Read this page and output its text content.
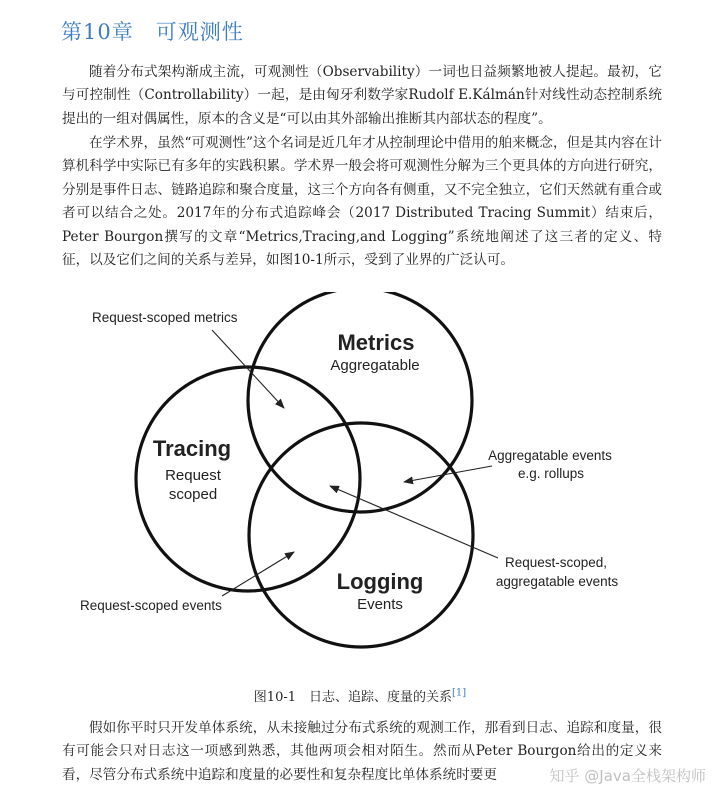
第10章　可观测性

随着分布式架构渐成主流，可观测性（Observability）一词也日益频繁地被人提起。最初，它与可控制性（Controllability）一起，是由匈牙利数学家Rudolf E.Kálmán针对线性动态控制系统提出的一组对偶属性，原本的含义是“可以由其外部输出推断其内部状态的程度”。

在学术界，虽然“可观测性”这个名词是近几年才从控制理论中借用的舶来概念，但是其内容在计算机科学中实际已有多年的实践积累。学术界一般会将可观测性分解为三个更具体的方向进行研究，分别是事件日志、链路追踪和聚合度量，这三个方向各有侧重，又不完全独立，它们天然就有重合或者可以结合之处。2017年的分布式追踪峰会（2017 Distributed Tracing Summit）结束后，Peter Bourgon撰写的文章“Metrics,Tracing,and Logging”系统地阐述了这三者的定义、特征，以及它们之间的关系与差异，如图10-1所示，受到了业界的广泛认可。

Metrics
Aggregatable
Tracing
Request
scoped
Logging
Events
Request-scoped metrics
Aggregatable events
e.g. rollups
Request-scoped,
aggregatable events
Request-scoped events
图10-1　日志、追踪、度量的关系[1]

假如你平时只开发单体系统，从未接触过分布式系统的观测工作，那看到日志、追踪和度量，很有可能会只对日志这一项感到熟悉，其他两项会相对陌生。然而从Peter Bourgon给出的定义来看，尽管分布式系统中追踪和度量的必要性和复杂程度比单体系统时要更	知乎 @Java全栈架构师
